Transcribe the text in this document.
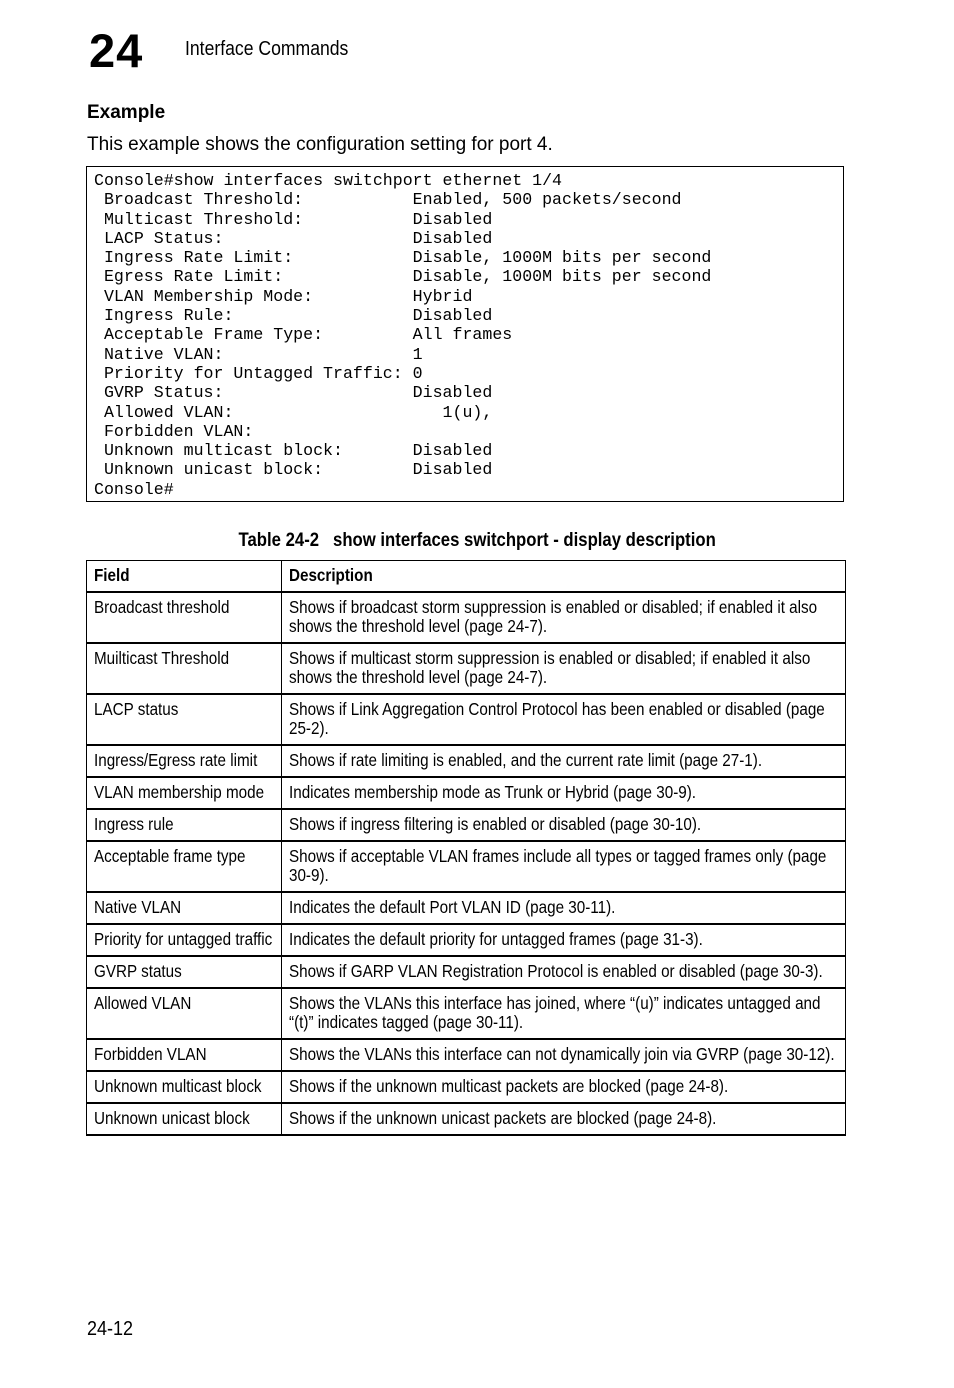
24 Interface Commands
Example
This example shows the configuration setting for port 4.
Console#show interfaces switchport ethernet 1/4
Broadcast Threshold:           Enabled, 500 packets/second
Multicast Threshold:           Disabled
LACP Status:                   Disabled
Ingress Rate Limit:            Disable, 1000M bits per second
Egress Rate Limit:             Disable, 1000M bits per second
VLAN Membership Mode:          Hybrid
Ingress Rule:                  Disabled
Acceptable Frame Type:         All frames
Native VLAN:                   1
Priority for Untagged Traffic: 0
GVRP Status:                   Disabled
Allowed VLAN:                     1(u),
Forbidden VLAN:
Unknown multicast block:       Disabled
Unknown unicast block:         Disabled
Console#
Table 24-2   show interfaces switchport - display description
Field	Description
Broadcast threshold	Shows if broadcast storm suppression is enabled or disabled; if enabled it also shows the threshold level (page 24-7).
Muilticast Threshold	Shows if multicast storm suppression is enabled or disabled; if enabled it also shows the threshold level (page 24-7).
LACP status	Shows if Link Aggregation Control Protocol has been enabled or disabled (page 25-2).
Ingress/Egress rate limit	Shows if rate limiting is enabled, and the current rate limit (page 27-1).
VLAN membership mode	Indicates membership mode as Trunk or Hybrid (page 30-9).
Ingress rule	Shows if ingress filtering is enabled or disabled (page 30-10).
Acceptable frame type	Shows if acceptable VLAN frames include all types or tagged frames only (page 30-9).
Native VLAN	Indicates the default Port VLAN ID (page 30-11).
Priority for untagged traffic	Indicates the default priority for untagged frames (page 31-3).
GVRP status	Shows if GARP VLAN Registration Protocol is enabled or disabled (page 30-3).
Allowed VLAN	Shows the VLANs this interface has joined, where “(u)” indicates untagged and “(t)” indicates tagged (page 30-11).
Forbidden VLAN	Shows the VLANs this interface can not dynamically join via GVRP (page 30-12).
Unknown multicast block	Shows if the unknown multicast packets are blocked (page 24-8).
Unknown unicast block	Shows if the unknown unicast packets are blocked (page 24-8).
24-12
